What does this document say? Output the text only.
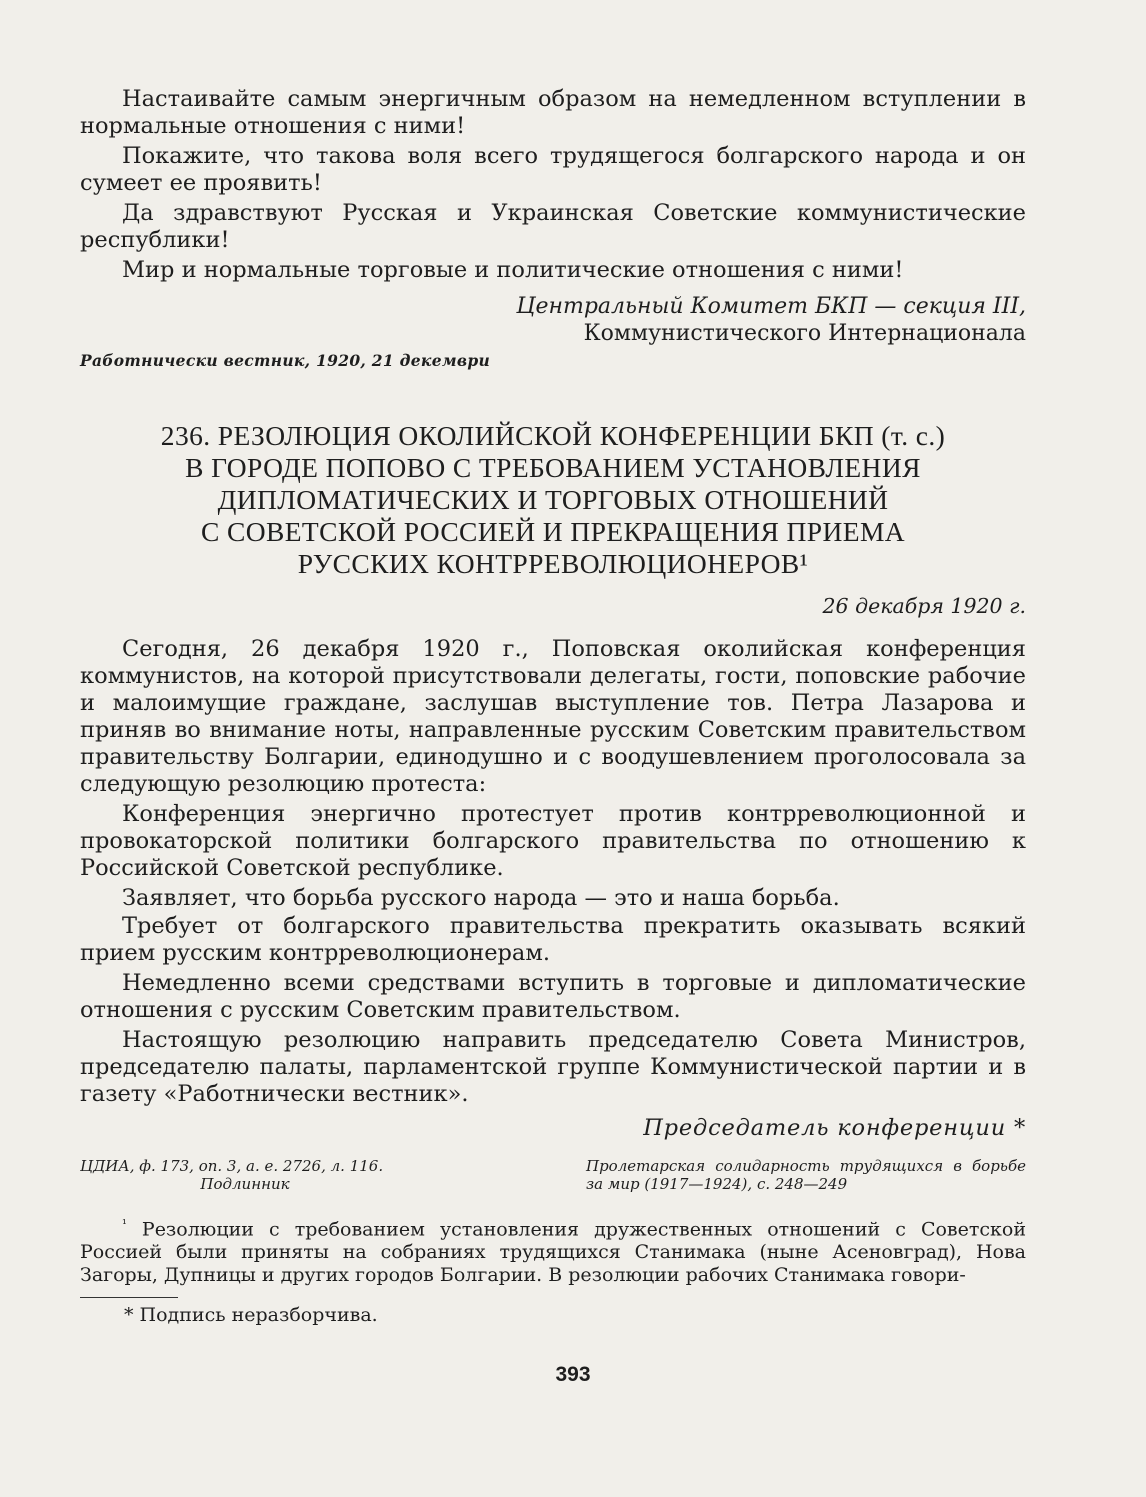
Настаивайте самым энергичным образом на немедленном вступлении в нормальные отношения с ними!

Покажите, что такова воля всего трудящегося болгарского народа и он сумеет ее проявить!

Да здравствуют Русская и Украинская Советские коммунистические республики!

Мир и нормальные торговые и политические отношения с ними!

Центральный Комитет БКП — секция III,
Коммунистического Интернационала
Работнически вестник, 1920, 21 декември
236. РЕЗОЛЮЦИЯ ОКОЛИЙСКОЙ КОНФЕРЕНЦИИ БКП (т. с.)
В ГОРОДЕ ПОПОВО С ТРЕБОВАНИЕМ УСТАНОВЛЕНИЯ
ДИПЛОМАТИЧЕСКИХ И ТОРГОВЫХ ОТНОШЕНИЙ
С СОВЕТСКОЙ РОССИЕЙ И ПРЕКРАЩЕНИЯ ПРИЕМА
РУССКИХ КОНТРРЕВОЛЮЦИОНЕРОВ¹
26 декабря 1920 г.

Сегодня, 26 декабря 1920 г., Поповская околийская конференция коммунистов, на которой присутствовали делегаты, гости, поповские рабочие и малоимущие граждане, заслушав выступление тов. Петра Лазарова и приняв во внимание ноты, направленные русским Советским правительством правительству Болгарии, единодушно и с воодушевлением проголосовала за следующую резолюцию протеста:

Конференция энергично протестует против контрреволюционной и провокаторской политики болгарского правительства по отношению к Российской Советской республике.

Заявляет, что борьба русского народа — это и наша борьба.

Требует от болгарского правительства прекратить оказывать всякий прием русским контрреволюционерам.

Немедленно всеми средствами вступить в торговые и дипломатические отношения с русским Советским правительством.

Настоящую резолюцию направить председателю Совета Министров, председателю палаты, парламентской группе Коммунистической партии и в газету «Работнически вестник».

Председатель конференции *
ЦДИА, ф. 173, оп. 3, а. е. 2726, л. 116.
Подлинник
Пролетарская солидарность трудящихся в борьбе за мир (1917—1924), с. 248—249
$^{^1}$ Резолюции с требованием установления дружественных отношений с Советской Россией были приняты на собраниях трудящихся Станимака (ныне Асеновград), Нова Загоры, Дупницы и других городов Болгарии. В резолюции рабочих Станимака говори-
* Подпись неразборчива.
393
